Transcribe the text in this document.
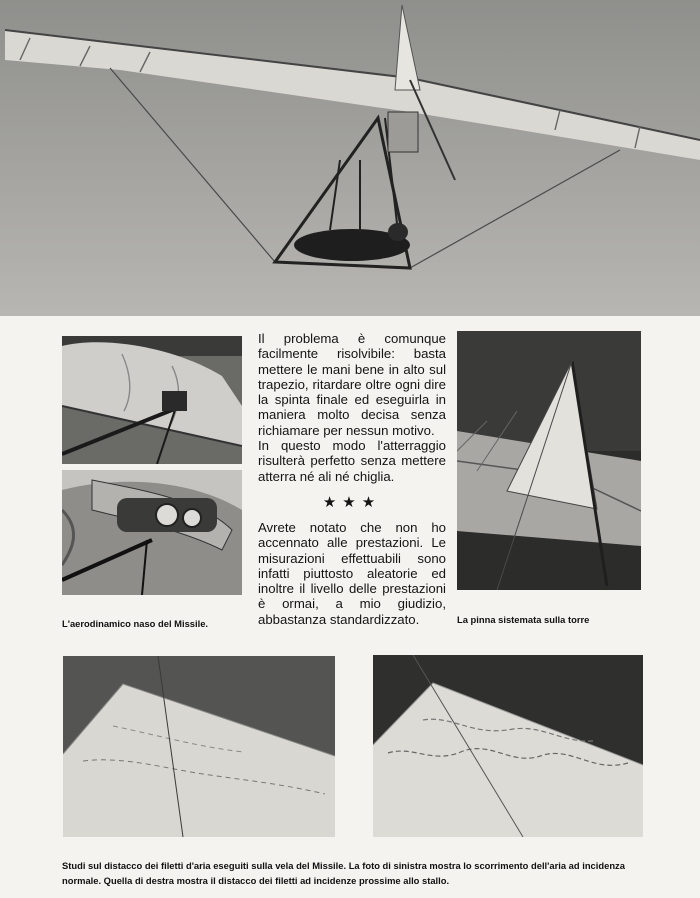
Il problema è comunque facilmente risolvibile: basta mettere le mani bene in alto sul trapezio, ritardare oltre ogni dire la spinta finale ed eseguirla in maniera molto decisa senza richiamare per nessun motivo.

In questo modo l'atterraggio risulterà perfetto senza mettere atterra né ali né chiglia.

★★★

Avrete notato che non ho accennato alle prestazioni. Le misurazioni effettuabili sono infatti piuttosto aleatorie ed inoltre il livello delle prestazioni è ormai, a mio giudizio, abbastanza standardizzato.

L'aerodinamico naso del Missile.	La pinna sistemata sulla torre
Studi sul distacco dei filetti d'aria eseguiti sulla vela del Missile. La foto di sinistra mostra lo scorrimento dell'aria ad incidenza normale. Quella di destra mostra il distacco dei filetti ad incidenze prossime allo stallo.
